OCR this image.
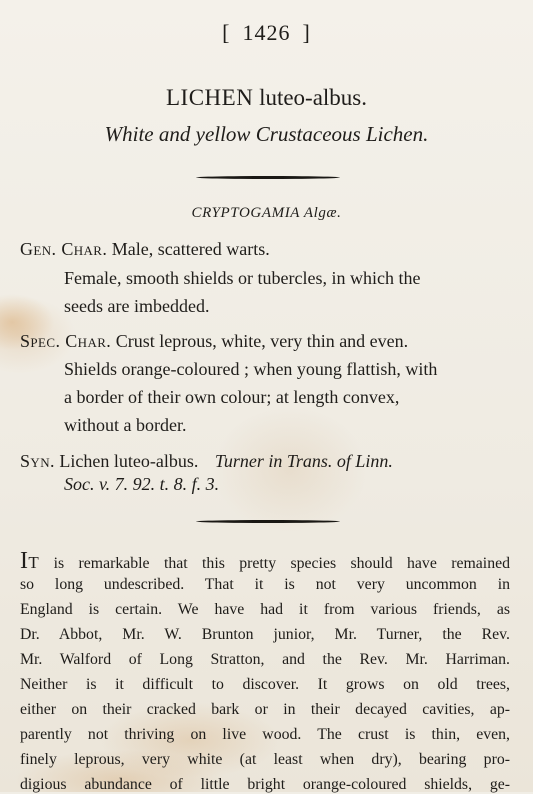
[ 1426 ]
LICHEN luteo-albus.
White and yellow Crustaceous Lichen.
CRYPTOGAMIA Algæ.
Gen. Char. Male, scattered warts.
Female, smooth shields or tubercles, in which the
seeds are imbedded.
Spec. Char. Crust leprous, white, very thin and even.
Shields orange-coloured ; when young flattish, with
a border of their own colour; at length convex,
without a border.
Syn. Lichen luteo-albus. Turner in Trans. of Linn.
Soc. v. 7. 92. t. 8. f. 3.
It is remarkable that this pretty species should have remained
so long undescribed. That it is not very uncommon in
England is certain. We have had it from various friends, as
Dr. Abbot, Mr. W. Brunton junior, Mr. Turner, the Rev.
Mr. Walford of Long Stratton, and the Rev. Mr. Harriman.
Neither is it difficult to discover. It grows on old trees,
either on their cracked bark or in their decayed cavities, ap-
parently not thriving on live wood. The crust is thin, even,
finely leprous, very white (at least when dry), bearing pro-
digious abundance of little bright orange-coloured shields, ge-
